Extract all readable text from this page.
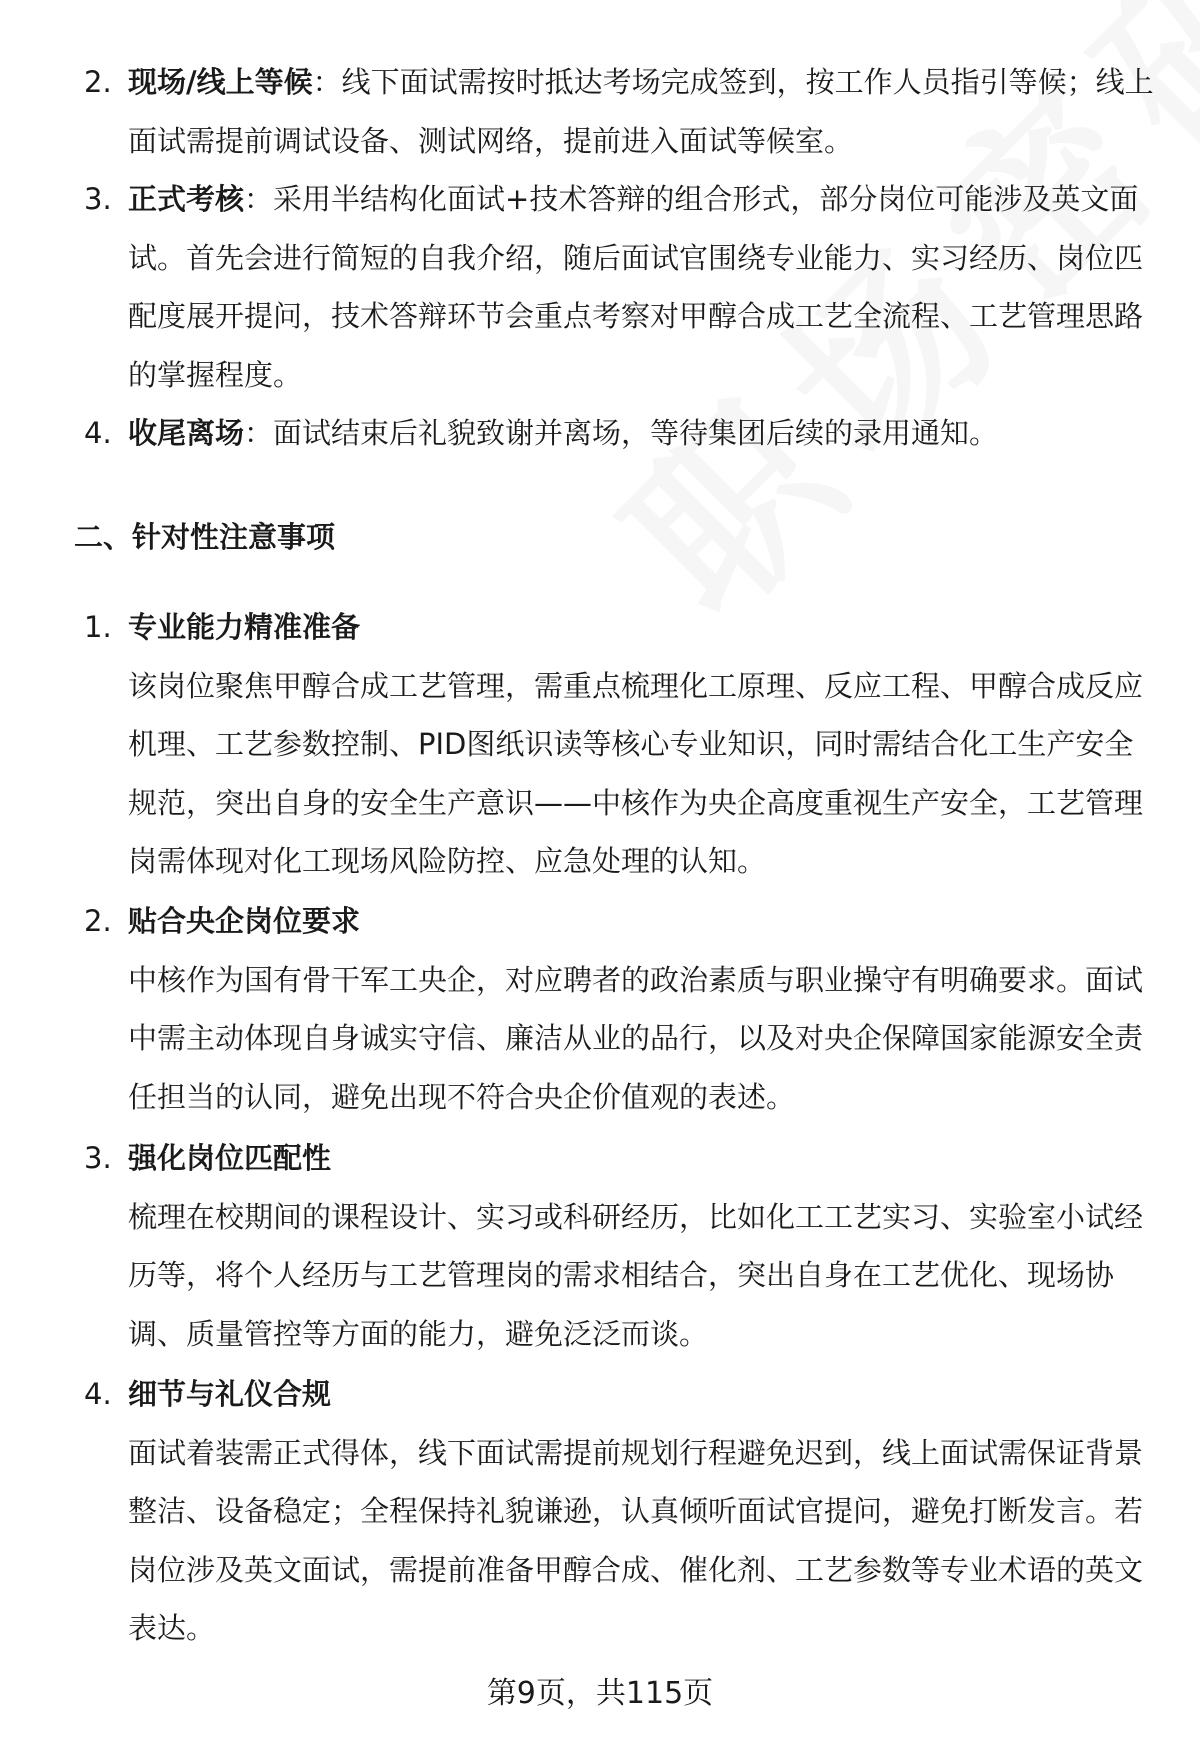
2. 现场/线上等候：线下面试需按时抵达考场完成签到，按工作人员指引等候；线上面试需提前调试设备、测试网络，提前进入面试等候室。
3. 正式考核：采用半结构化面试+技术答辩的组合形式，部分岗位可能涉及英文面试。首先会进行简短的自我介绍，随后面试官围绕专业能力、实习经历、岗位匹配度展开提问，技术答辩环节会重点考察对甲醇合成工艺全流程、工艺管理思路的掌握程度。
4. 收尾离场：面试结束后礼貌致谢并离场，等待集团后续的录用通知。
二、针对性注意事项
1. 专业能力精准准备
该岗位聚焦甲醇合成工艺管理，需重点梳理化工原理、反应工程、甲醇合成反应机理、工艺参数控制、PID图纸识读等核心专业知识，同时需结合化工生产安全规范，突出自身的安全生产意识——中核作为央企高度重视生产安全，工艺管理岗需体现对化工现场风险防控、应急处理的认知。
2. 贴合央企岗位要求
中核作为国有骨干军工央企，对应聘者的政治素质与职业操守有明确要求。面试中需主动体现自身诚实守信、廉洁从业的品行，以及对央企保障国家能源安全责任担当的认同，避免出现不符合央企价值观的表述。
3. 强化岗位匹配性
梳理在校期间的课程设计、实习或科研经历，比如化工工艺实习、实验室小试经历等，将个人经历与工艺管理岗的需求相结合，突出自身在工艺优化、现场协调、质量管控等方面的能力，避免泛泛而谈。
4. 细节与礼仪合规
面试着装需正式得体，线下面试需提前规划行程避免迟到，线上面试需保证背景整洁、设备稳定；全程保持礼貌谦逊，认真倾听面试官提问，避免打断发言。若岗位涉及英文面试，需提前准备甲醇合成、催化剂、工艺参数等专业术语的英文表达。
第9页，共115页
